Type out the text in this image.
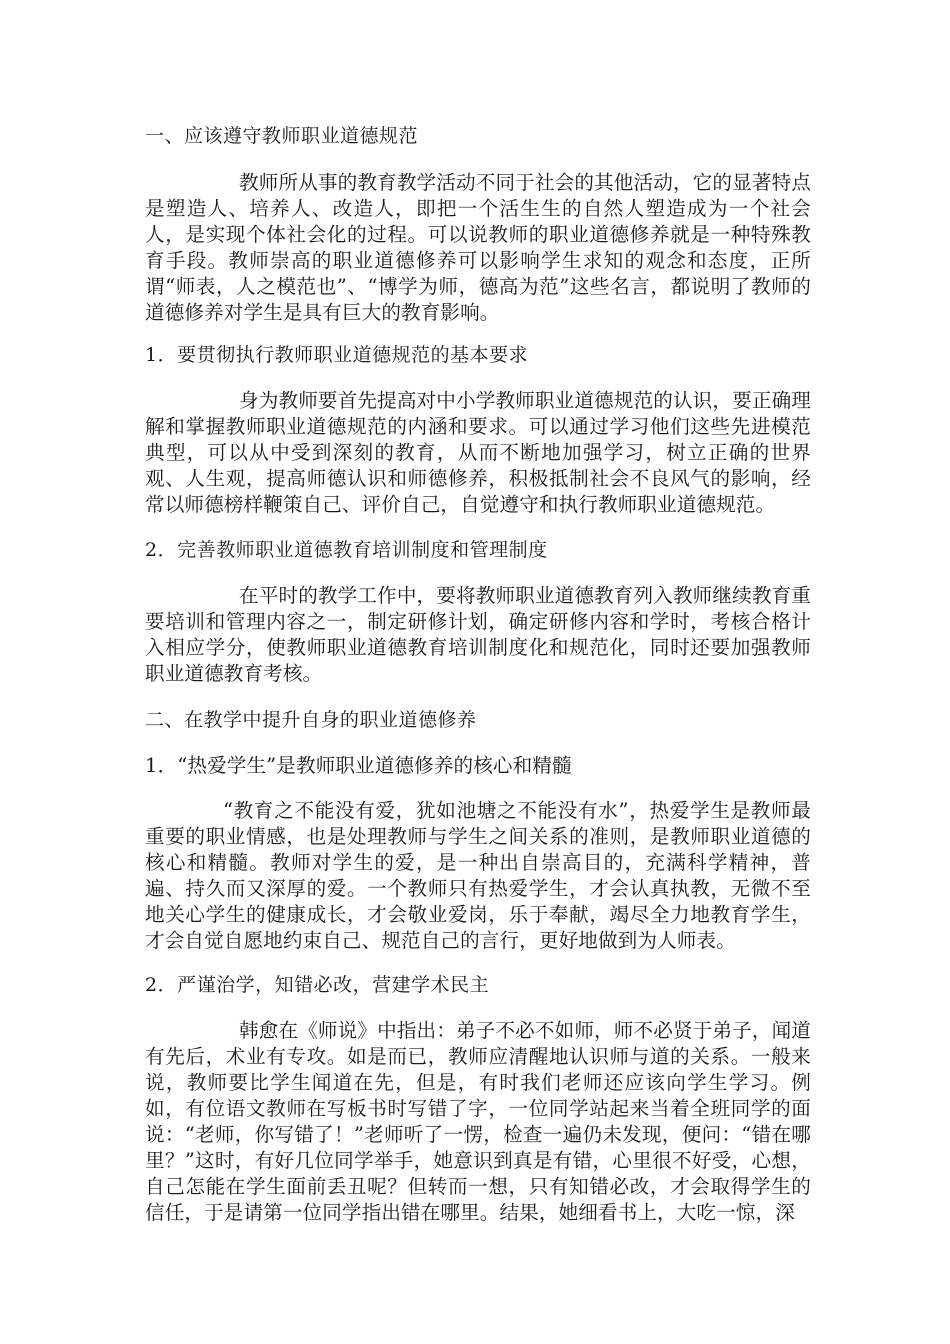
一、应该遵守教师职业道德规范
教师所从事的教育教学活动不同于社会的其他活动，它的显著特点是塑造人、培养人、改造人，即把一个活生生的自然人塑造成为一个社会人，是实现个体社会化的过程。可以说教师的职业道德修养就是一种特殊教育手段。教师崇高的职业道德修养可以影响学生求知的观念和态度，正所谓“师表，人之模范也”、“博学为师，德高为范”这些名言，都说明了教师的道德修养对学生是具有巨大的教育影响。
1．要贯彻执行教师职业道德规范的基本要求
身为教师要首先提高对中小学教师职业道德规范的认识，要正确理解和掌握教师职业道德规范的内涵和要求。可以通过学习他们这些先进模范典型，可以从中受到深刻的教育，从而不断地加强学习，树立正确的世界观、人生观，提高师德认识和师德修养，积极抵制社会不良风气的影响，经常以师德榜样鞭策自己、评价自己，自觉遵守和执行教师职业道德规范。
2．完善教师职业道德教育培训制度和管理制度
在平时的教学工作中，要将教师职业道德教育列入教师继续教育重要培训和管理内容之一，制定研修计划，确定研修内容和学时，考核合格计入相应学分，使教师职业道德教育培训制度化和规范化，同时还要加强教师职业道德教育考核。
二、在教学中提升自身的职业道德修养
1．“热爱学生”是教师职业道德修养的核心和精髓
“教育之不能没有爱，犹如池塘之不能没有水”，热爱学生是教师最重要的职业情感，也是处理教师与学生之间关系的准则，是教师职业道德的核心和精髓。教师对学生的爱，是一种出自崇高目的，充满科学精神，普遍、持久而又深厚的爱。一个教师只有热爱学生，才会认真执教，无微不至地关心学生的健康成长，才会敬业爱岗，乐于奉献，竭尽全力地教育学生，才会自觉自愿地约束自己、规范自己的言行，更好地做到为人师表。
2．严谨治学，知错必改，营建学术民主
韩愈在《师说》中指出：弟子不必不如师，师不必贤于弟子，闻道有先后，术业有专攻。如是而已，教师应清醒地认识师与道的关系。一般来说，教师要比学生闻道在先，但是，有时我们老师还应该向学生学习。例如，有位语文教师在写板书时写错了字，一位同学站起来当着全班同学的面说：“老师，你写错了！”老师听了一愣，检查一遍仍未发现，便问：“错在哪里？”这时，有好几位同学举手，她意识到真是有错，心里很不好受，心想，自己怎能在学生面前丢丑呢？但转而一想，只有知错必改，才会取得学生的信任，于是请第一位同学指出错在哪里。结果，她细看书上，大吃一惊，深
